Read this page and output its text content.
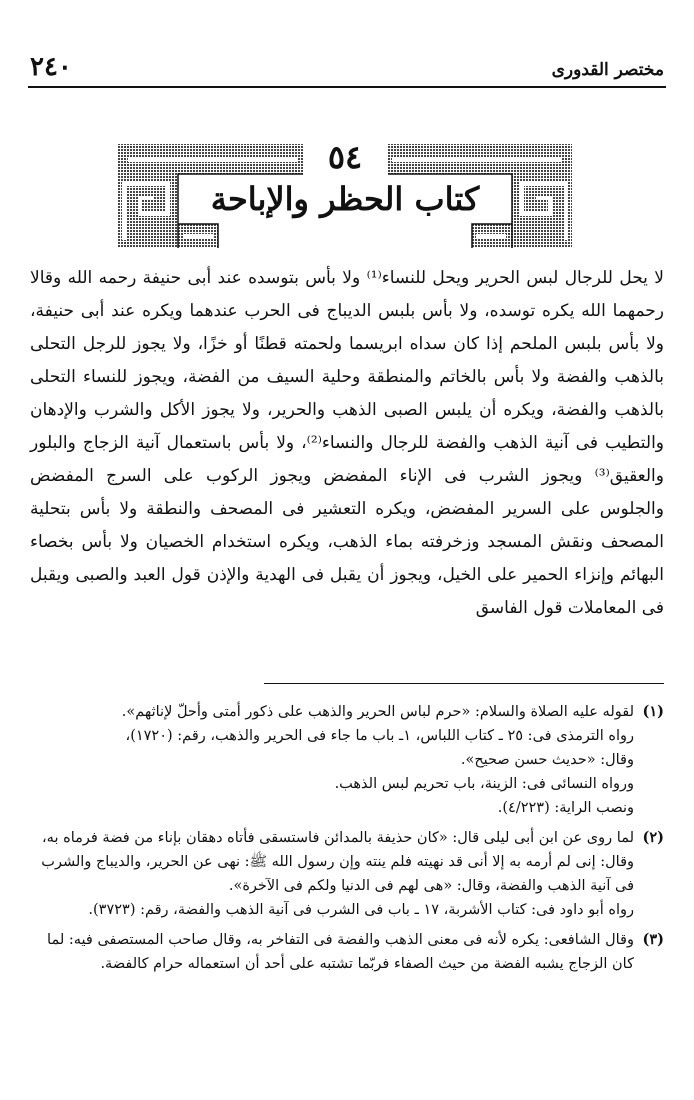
مختصر القدورى
٢٤٠
٥٤
كتاب الحظر والإباحة
لا يحل للرجال لبس الحرير ويحل للنساء⁽¹⁾ ولا بأس بتوسده عند أبى حنيفة رحمه الله وقالا رحمهما الله يكره توسده، ولا بأس بلبس الديباج فى الحرب عندهما ويكره عند أبى حنيفة، ولا بأس بلبس الملحم إذا كان سداه ابريسما ولحمته قطنًا أو خزًا، ولا يجوز للرجل التحلى بالذهب والفضة ولا بأس بالخاتم والمنطقة وحلية السيف من الفضة، ويجوز للنساء التحلى بالذهب والفضة، ويكره أن يلبس الصبى الذهب والحرير، ولا يجوز الأكل والشرب والإدهان والتطيب فى آنية الذهب والفضة للرجال والنساء⁽²⁾، ولا بأس باستعمال آنية الزجاج والبلور والعقيق⁽³⁾ ويجوز الشرب فى الإناء المفضض ويجوز الركوب على السرج المفضض والجلوس على السرير المفضض، ويكره التعشير فى المصحف والنطقة ولا بأس بتحلية المصحف ونقش المسجد وزخرفته بماء الذهب، ويكره استخدام الخصيان ولا بأس بخصاء البهائم وإنزاء الحمير على الخيل، ويجوز أن يقبل فى الهدية والإذن قول العبد والصبى ويقبل فى المعاملات قول الفاسق
(١)
لقوله عليه الصلاة والسلام: «حرم لباس الحرير والذهب على ذكور أمتى وأحلّ لإناثهم».
رواه الترمذى فى: ٢٥ ـ كتاب اللباس، ١ـ باب ما جاء فى الحرير والذهب، رقم: (١٧٢٠)،
وقال: «حديث حسن صحيح».
ورواه النسائى فى: الزينة، باب تحريم لبس الذهب.
ونصب الراية: (٤/٢٢٣).
(٢)
لما روى عن ابن أبى ليلى قال: «كان حذيفة بالمدائن فاستسقى فأتاه دهقان بإناء من فضة فرماه به، وقال: إنى لم أرمه به إلا أنى قد نهيته فلم ينته وإن رسول الله ﷺ: نهى عن الحرير، والديباج والشرب فى آنية الذهب والفضة، وقال: «هى لهم فى الدنيا ولكم فى الآخرة».
رواه أبو داود فى: كتاب الأشربة، ١٧ ـ باب فى الشرب فى آنية الذهب والفضة، رقم: (٣٧٢٣).
(٣)
وقال الشافعى: يكره لأنه فى معنى الذهب والفضة فى التفاخر به، وقال صاحب المستصفى فيه: لما كان الزجاج يشبه الفضة من حيث الصفاء فربّما تشتبه على أحد أن استعماله حرام كالفضة.
